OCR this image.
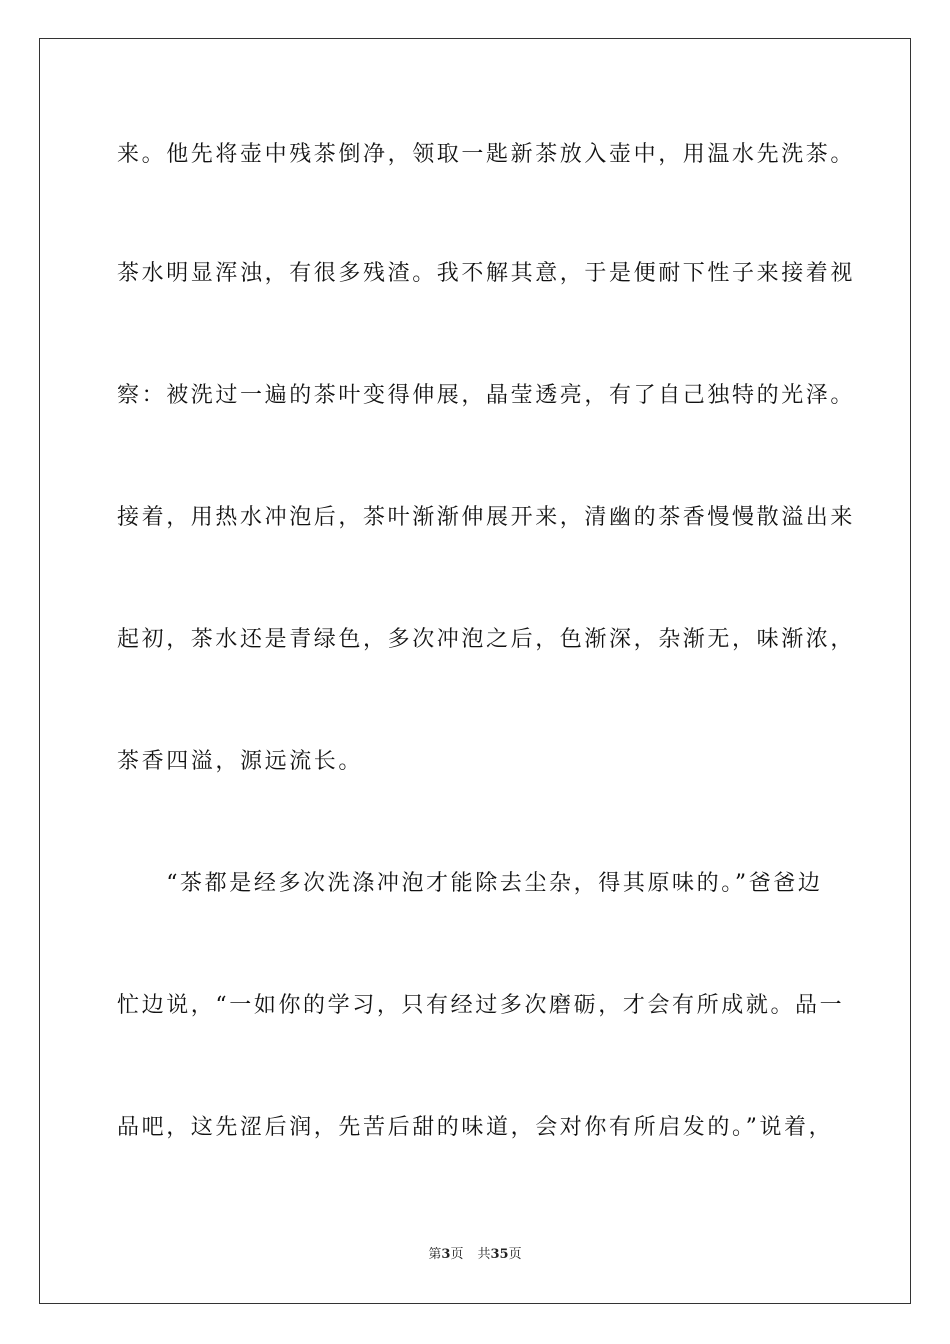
来。他先将壶中残茶倒净，领取一匙新茶放入壶中，用温水先洗茶。
茶水明显浑浊，有很多残渣。我不解其意，于是便耐下性子来接着视
察：被洗过一遍的茶叶变得伸展，晶莹透亮，有了自己独特的光泽。
接着，用热水冲泡后，茶叶渐渐伸展开来，清幽的茶香慢慢散溢出来
起初，茶水还是青绿色，多次冲泡之后，色渐深，杂渐无，味渐浓，
茶香四溢，源远流长。
　　“茶都是经多次洗涤冲泡才能除去尘杂，得其原味的。”爸爸边
忙边说，“一如你的学习，只有经过多次磨砺，才会有所成就。品一
品吧，这先涩后润，先苦后甜的味道，会对你有所启发的。”说着，
第3页 共35页
